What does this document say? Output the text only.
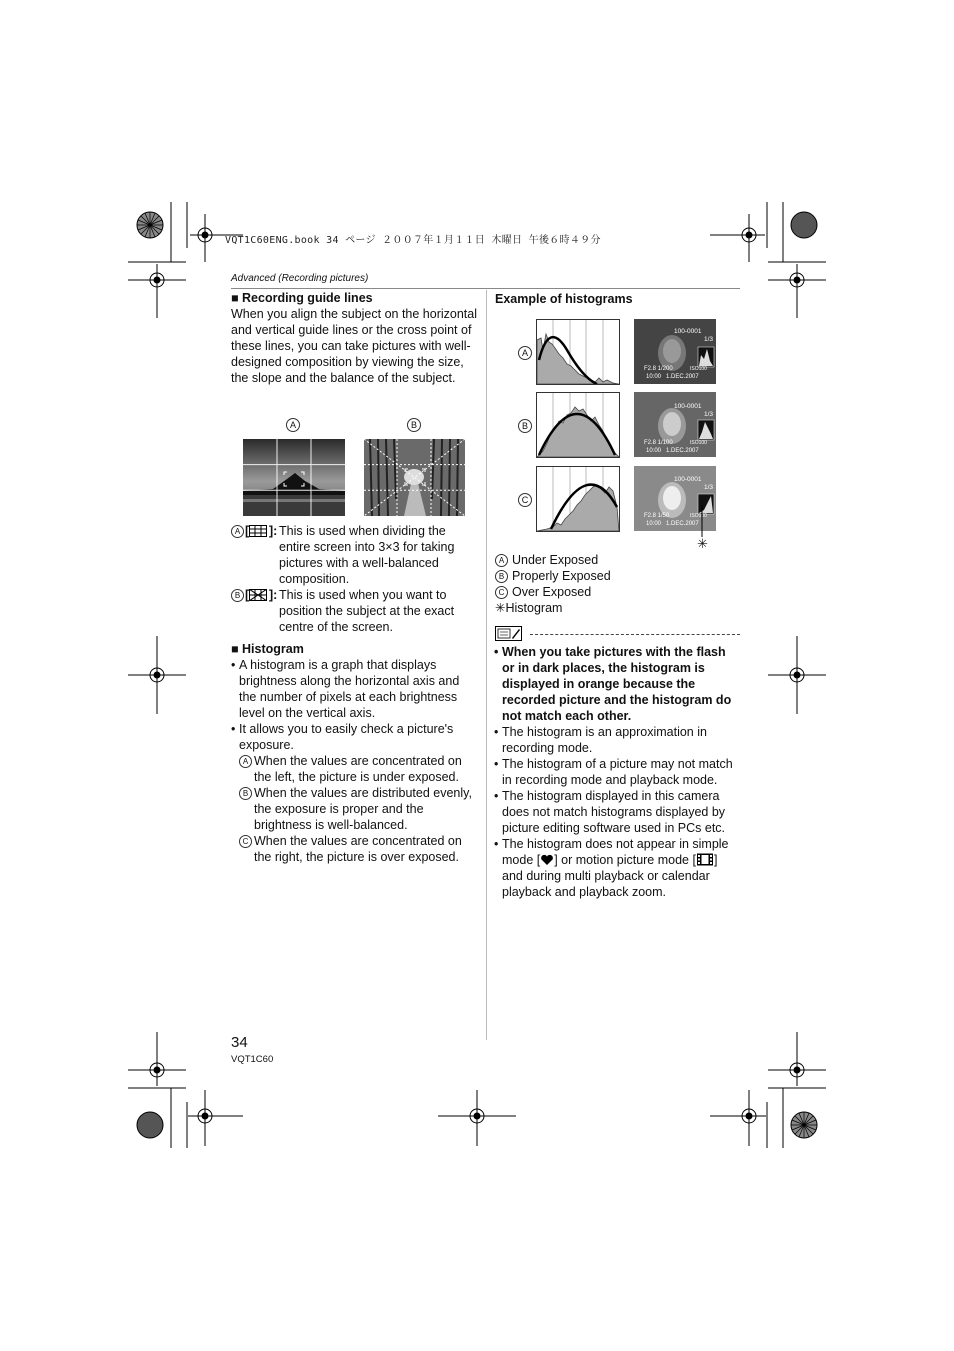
VQT1C60ENG.book 34 ページ ２００７年１月１１日 木曜日 午後６時４９分
Advanced (Recording pictures)
■ Recording guide lines
When you align the subject on the horizontal and vertical guide lines or the cross point of these lines, you can take pictures with well-designed composition by viewing the size, the slope and the balance of the subject.
A	B
A [	]: This is used when dividing the entire screen into 3×3 for taking pictures with a well-balanced composition.
B [	]: This is used when you want to position the subject at the exact centre of the screen.
■ Histogram
• A histogram is a graph that displays brightness along the horizontal axis and the number of pixels at each brightness level on the vertical axis.
• It allows you to easily check a picture's exposure.
A When the values are concentrated on the left, the picture is under exposed.
B When the values are distributed evenly, the exposure is proper and the brightness is well-balanced.
C When the values are concentrated on the right, the picture is over exposed.
Example of histograms
A
B
C
100-0001
1/3
F2.8 1/200	ISO100
10:00   1.DEC.2007
100-0001
1/3
F2.8 1/100	ISO100
10:00   1.DEC.2007
100-0001
1/3
F2.8 1/50	ISO100
10:00   1.DEC.2007
✳
A Under Exposed
B Properly Exposed
C Over Exposed
✳Histogram
• When you take pictures with the flash or in dark places, the histogram is displayed in orange because the recorded picture and the histogram do not match each other.
• The histogram is an approximation in recording mode.
• The histogram of a picture may not match in recording mode and playback mode.
• The histogram displayed in this camera does not match histograms displayed by picture editing software used in PCs etc.
• The histogram does not appear in simple mode [ ] or motion picture mode [ ] and during multi playback or calendar playback and playback zoom.
34
VQT1C60
